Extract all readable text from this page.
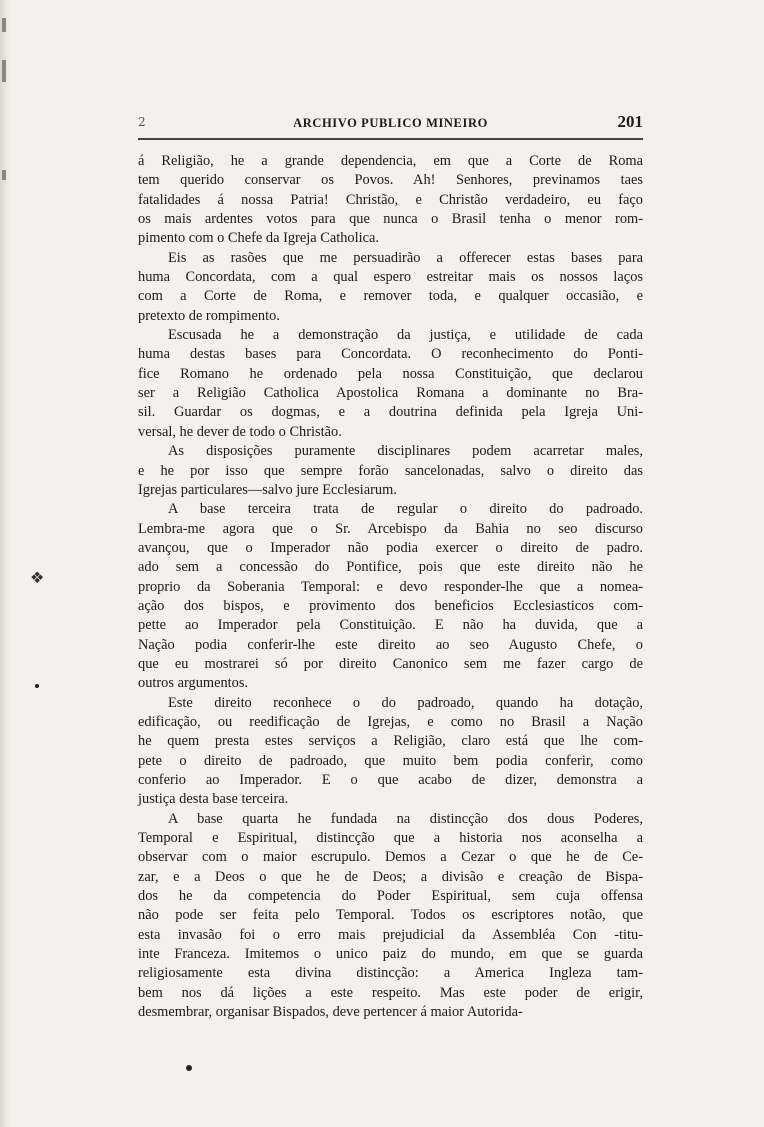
2	ARCHIVO PUBLICO MINEIRO	201
á Religião, he a grande dependencia, em que a Corte de Roma
tem querido conservar os Povos. Ah! Senhores, previnamos taes
fatalidades á nossa Patria! Christão, e Christão verdadeiro, eu faço
os mais ardentes votos para que nunca o Brasil tenha o menor rom-
pimento com o Chefe da Igreja Catholica.
Eis as rasões que me persuadirão a offerecer estas bases para
huma Concordata, com a qual espero estreitar mais os nossos laços
com a Corte de Roma, e remover toda, e qualquer occasião, e
pretexto de rompimento.
Escusada he a demonstração da justiça, e utilidade de cada
huma destas bases para Concordata. O reconhecimento do Ponti-
fice Romano he ordenado pela nossa Constituição, que declarou
ser a Religião Catholica Apostolica Romana a dominante no Bra-
sil. Guardar os dogmas, e a doutrina definida pela Igreja Uni-
versal, he dever de todo o Christão.
As disposições puramente disciplinares podem acarretar males,
e he por isso que sempre forão sancelonadas, salvo o direito das
Igrejas particulares—salvo jure Ecclesiarum.
A base terceira trata de regular o direito do padroado.
Lembra-me agora que o Sr. Arcebispo da Bahia no seo discurso
avançou, que o Imperador não podia exercer o direito de padro.
ado sem a concessão do Pontifice, pois que este direito não he
proprio da Soberania Temporal: e devo responder-lhe que a nomea-
ação dos bispos, e provimento dos beneficios Ecclesiasticos com-
pette ao Imperador pela Constituição. E não ha duvida, que a
Nação podia conferir-lhe este direito ao seo Augusto Chefe, o
que eu mostrarei só por direito Canonico sem me fazer cargo de
outros argumentos.
Este direito reconhece o do padroado, quando ha dotação,
edificação, ou reedificação de Igrejas, e como no Brasil a Nação
he quem presta estes serviços a Religião, claro está que lhe com-
pete o direito de padroado, que muito bem podia conferir, como
conferio ao Imperador. E o que acabo de dizer, demonstra a
justiça desta base terceira.
A base quarta he fundada na distincção dos dous Poderes,
Temporal e Espiritual, distincção que a historia nos aconselha a
observar com o maior escrupulo. Demos a Cezar o que he de Ce-
zar, e a Deos o que he de Deos; a divisão e creação de Bispa-
dos he da competencia do Poder Espiritual, sem cuja offensa
não pode ser feita pelo Temporal. Todos os escriptores notão, que
esta invasão foi o erro mais prejudicial da Assembléa Con -titu-
inte Franceza. Imitemos o unico paiz do mundo, em que se guarda
religiosamente esta divina distincção: a America Ingleza tam-
bem nos dá lições a este respeito. Mas este poder de erigir,
desmembrar, organisar Bispados, deve pertencer á maior Autorida-
❖
